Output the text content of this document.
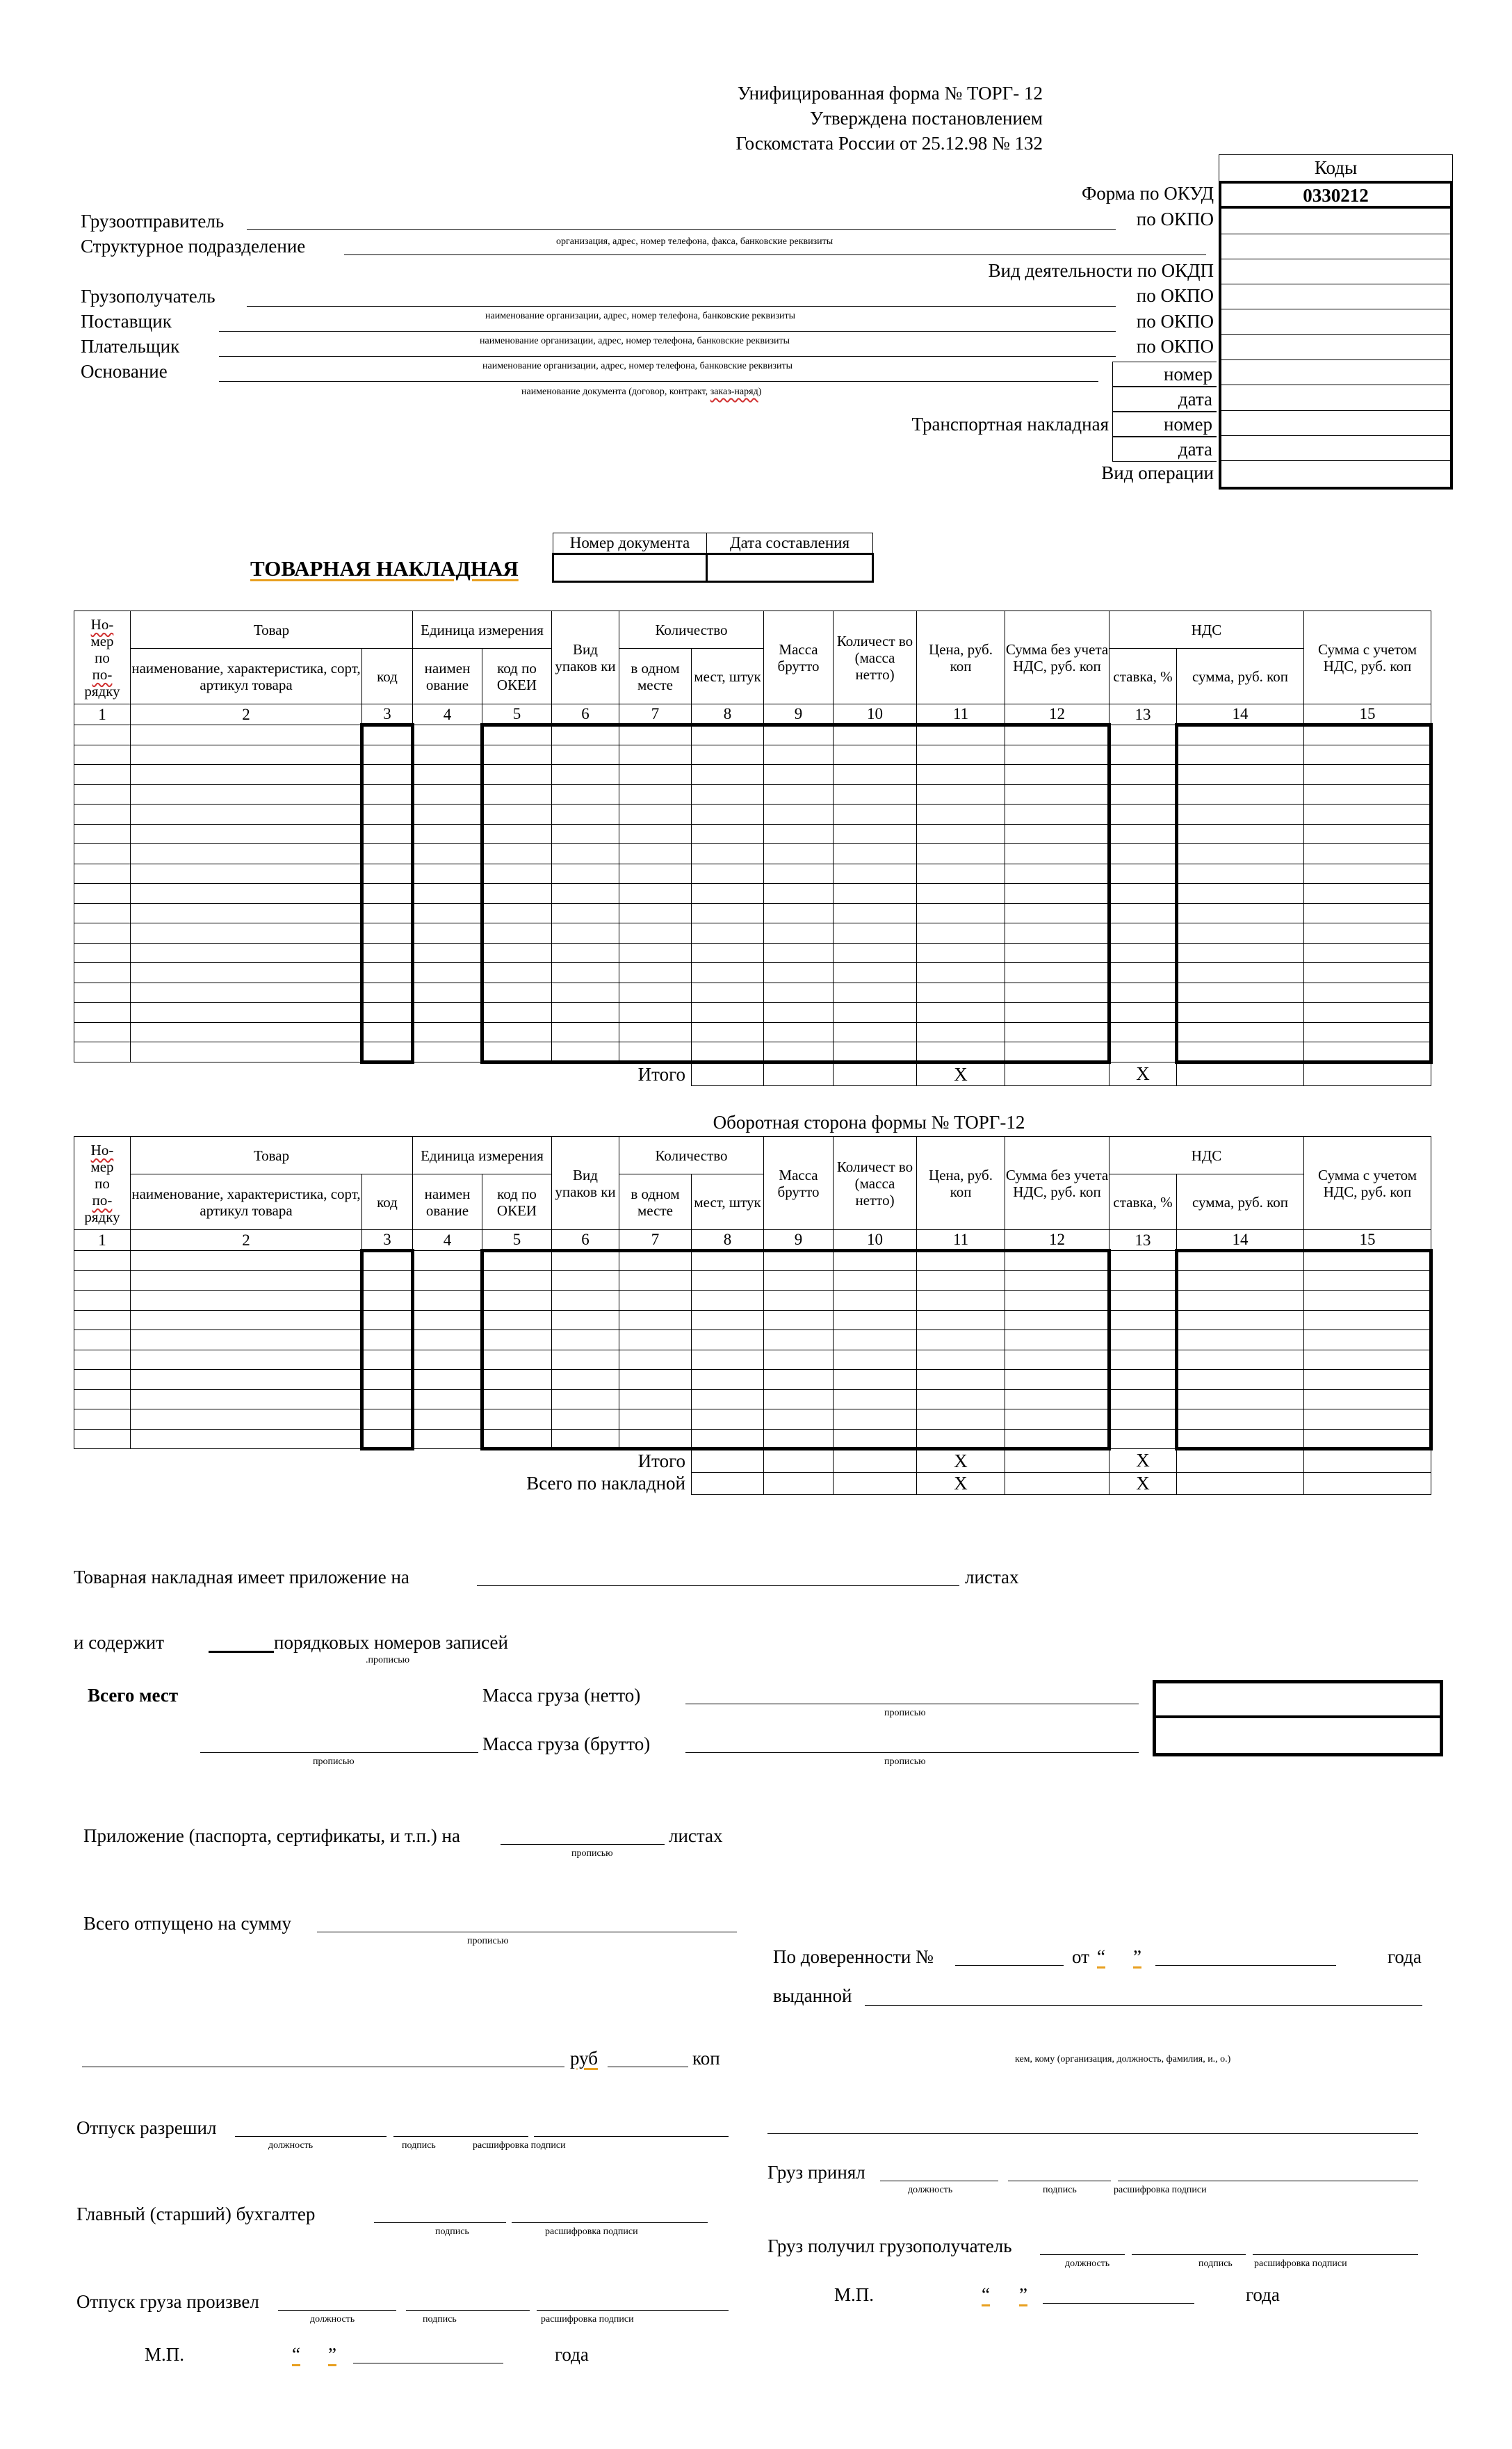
Унифицированная форма № ТОРГ- 12
Утверждена постановлением
Госкомстата России от 25.12.98 № 132
Коды
0330212
Форма по ОКУД
по ОКПО
Вид деятельности по ОКДП
по ОКПО
по ОКПО
по ОКПО
номер
дата
номер
дата
Транспортная накладная
Вид операции
Грузоотправитель
Структурное подразделение	организация, адрес, номер телефона, факса, банковские реквизиты
Грузополучатель
наименование организации, адрес, номер телефона, банковские реквизиты
Поставщик
наименование организации, адрес, номер телефона, банковские реквизиты
Плательщик
наименование организации, адрес, номер телефона, банковские реквизиты
Основание
наименование документа (договор, контракт, заказ-наряд)
Номер документа	Дата составления

ТОВАРНАЯ НАКЛАДНАЯ
Но-
мер
по
по-
рядку	Товар		Единица измерения		Вид упаков ки	Количество		Масса брутто	Количест во (масса нетто)	Цена, руб. коп	Сумма без учета НДС, руб. коп	НДС		Сумма с учетом НДС, руб. коп
	наименование, характеристика, сорт, артикул товара	код	наимен ование	код по ОКЕИ		в одном месте	мест, штук					ставка, %	сумма, руб. коп	
1	2	3	4	5	6	7	8	9	10	11	12	13	14	15

						Итого				Х		Х		
Оборотная сторона формы № ТОРГ-12
Но-
мер
по
по-
рядку	Товар		Единица измерения		Вид упаков ки	Количество		Масса брутто	Количест во (масса нетто)	Цена, руб. коп	Сумма без учета НДС, руб. коп	НДС		Сумма с учетом НДС, руб. коп
	наименование, характеристика, сорт, артикул товара	код	наимен ование	код по ОКЕИ		в одном месте	мест, штук					ставка, %	сумма, руб. коп	
1	2	3	4	5	6	7	8	9	10	11	12	13	14	15

						Итого				Х		Х		
Всего по накладной										Х		Х		
Товарная накладная имеет приложение на	листах
и содержит	порядковых номеров записей
.прописью
Всего мест	Масса груза (нетто)
прописью
Масса груза (брутто)
прописью	прописью
Приложение (паспорта, сертификаты, и т.п.) на	листах
прописью
Всего отпущено на сумму
прописью
руб	коп
Отпуск разрешил
должность	подпись	расшифровка подписи
Главный (старший) бухгалтер
подпись	расшифровка подписи
Отпуск груза произвел
должность	подпись	расшифровка подписи
М.П.	“ ”	года
По доверенности №	от “ ”	года
выданной
кем, кому (организация, должность, фамилия, и., о.)
Груз принял
должность	подпись	расшифровка подписи
Груз получил грузополучатель
должность	подпись расшифровка подписи
М.П.	“ ”	года
